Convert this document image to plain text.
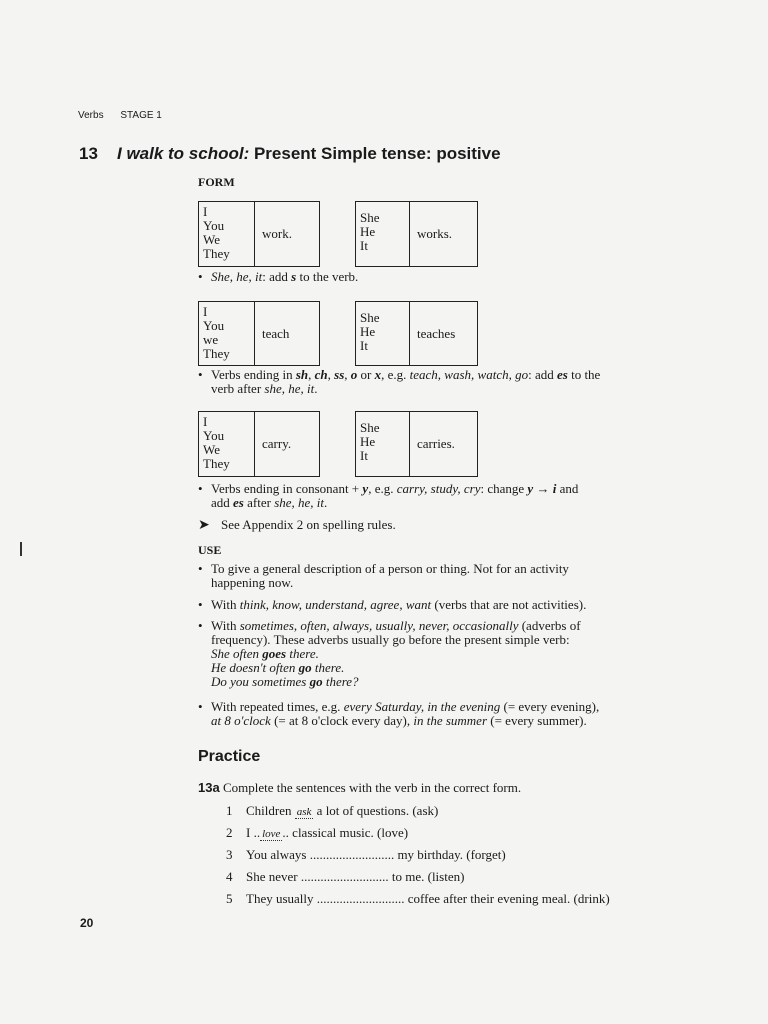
Verbs STAGE 1
13 I walk to school: Present Simple tense: positive
FORM
I
You
We
They
work.
She
He
It
works.
• She, he, it: add s to the verb.
I
You
we
They
teach
She
He
It
teaches
• Verbs ending in sh, ch, ss, o or x, e.g. teach, wash, watch, go: add es to the
verb after she, he, it.
I
You
We
They
carry.
She
He
It
carries.
• Verbs ending in consonant + y, e.g. carry, study, cry: change y → i and
add es after she, he, it.
➤ See Appendix 2 on spelling rules.
USE
• To give a general description of a person or thing. Not for an activity
happening now.
• With think, know, understand, agree, want (verbs that are not activities).
• With sometimes, often, always, usually, never, occasionally (adverbs of
frequency). These adverbs usually go before the present simple verb:
She often goes there.
He doesn't often go there.
Do you sometimes go there?
• With repeated times, e.g. every Saturday, in the evening (= every evening),
at 8 o'clock (= at 8 o'clock every day), in the summer (= every summer).
Practice
13a Complete the sentences with the verb in the correct form.
1 Children ask a lot of questions. (ask)
2 I .. love .. classical music. (love)
3 You always .......................... my birthday. (forget)
4 She never ........................... to me. (listen)
5 They usually ........................... coffee after their evening meal. (drink)
20
